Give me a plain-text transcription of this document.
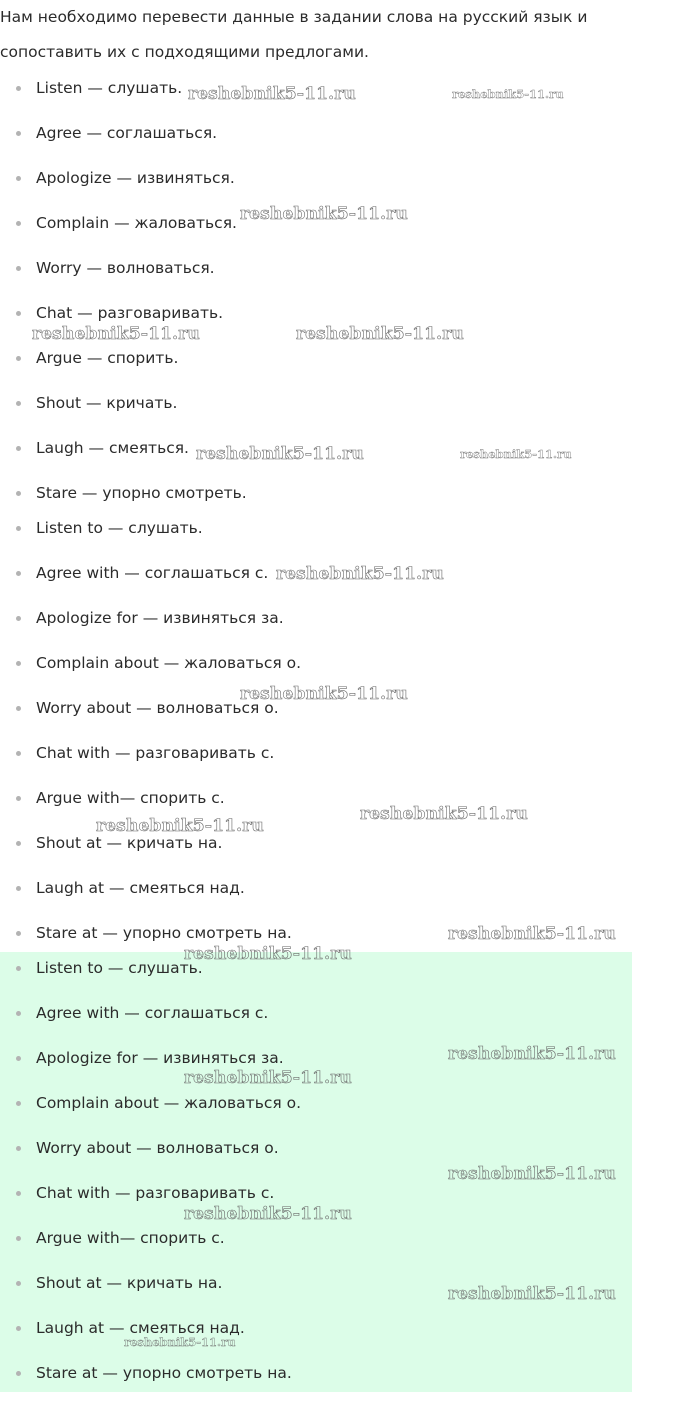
Нам необходимо перевести данные в задании слова на русский язык и сопоставить их с подходящими предлогами.

Listen — слушать.
Agree — соглашаться.
Apologize — извиняться.
Complain — жаловаться.
Worry — волноваться.
Chat — разговаривать.
Argue — спорить.
Shout — кричать.
Laugh — смеяться.
Stare — упорно смотреть.
Listen to — слушать.
Agree with — соглашаться с.
Apologize for — извиняться за.
Complain about — жаловаться о.
Worry about — волноваться о.
Chat with — разговаривать с.
Argue with— спорить с.
Shout at — кричать на.
Laugh at — смеяться над.
Stare at — упорно смотреть на.
Listen to — слушать.
Agree with — соглашаться с.
Apologize for — извиняться за.
Complain about — жаловаться о.
Worry about — волноваться о.
Chat with — разговаривать с.
Argue with— спорить с.
Shout at — кричать на.
Laugh at — смеяться над.
Stare at — упорно смотреть на.
reshebnik5-11.ru	reshebnik5-11.ru
reshebnik5-11.ru
reshebnik5-11.ru	reshebnik5-11.ru
reshebnik5-11.ru	reshebnik5-11.ru
reshebnik5-11.ru
reshebnik5-11.ru
reshebnik5-11.ru
reshebnik5-11.ru
reshebnik5-11.ru
reshebnik5-11.ru
reshebnik5-11.ru
reshebnik5-11.ru
reshebnik5-11.ru
reshebnik5-11.ru
reshebnik5-11.ru
reshebnik5-11.ru
